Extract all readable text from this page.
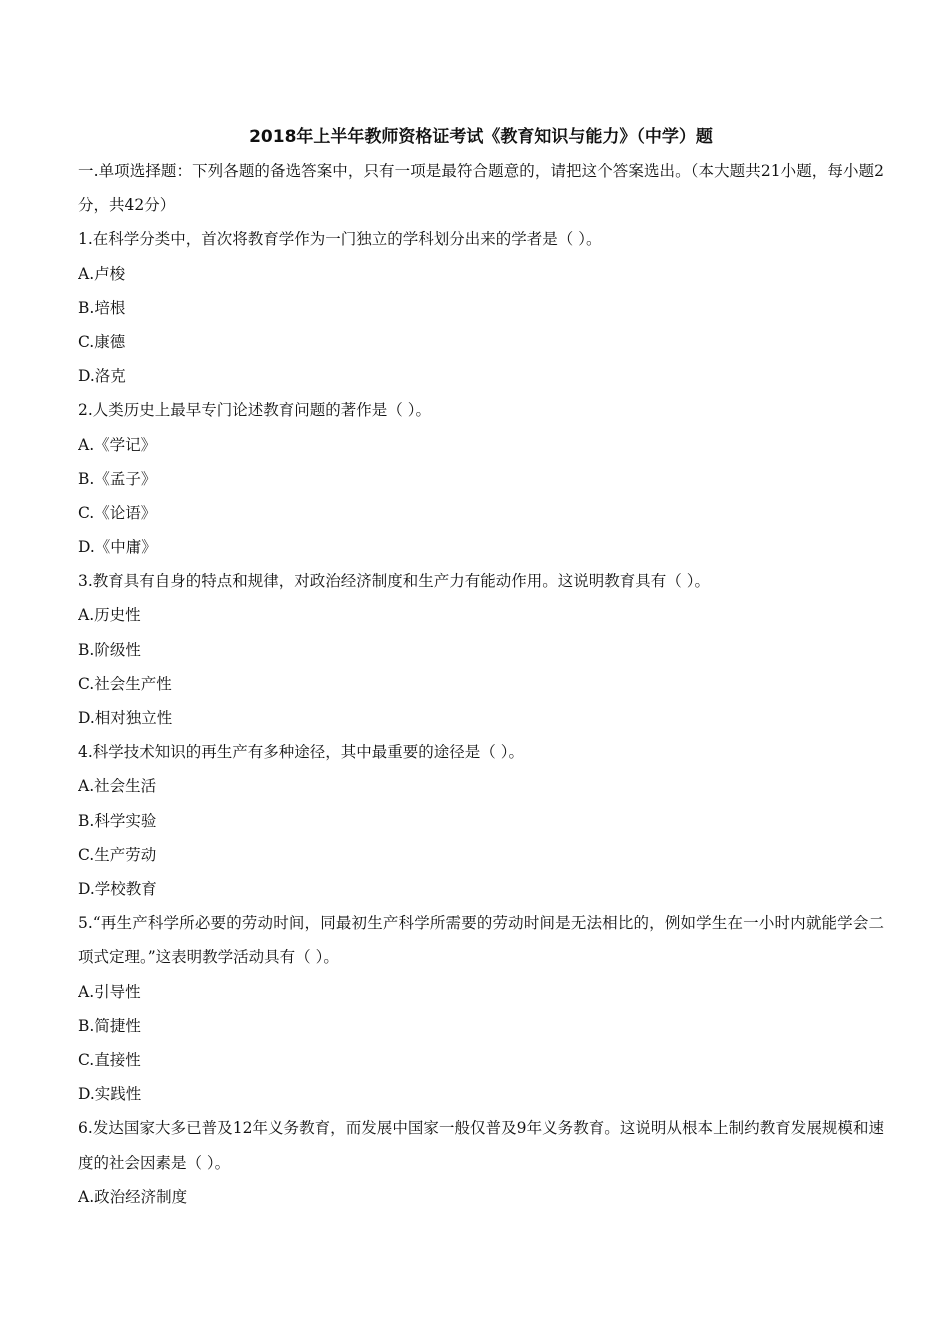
2018年上半年教师资格证考试《教育知识与能力》（中学）题
一.单项选择题：下列各题的备选答案中，只有一项是最符合题意的，请把这个答案选出。（本大题共21小题，每小题2分，共42分）
1.在科学分类中，首次将教育学作为一门独立的学科划分出来的学者是（ ）。
A.卢梭
B.培根
C.康德
D.洛克
2.人类历史上最早专门论述教育问题的著作是（ ）。
A.《学记》
B.《孟子》
C.《论语》
D.《中庸》
3.教育具有自身的特点和规律，对政治经济制度和生产力有能动作用。这说明教育具有（ ）。
A.历史性
B.阶级性
C.社会生产性
D.相对独立性
4.科学技术知识的再生产有多种途径，其中最重要的途径是（ ）。
A.社会生活
B.科学实验
C.生产劳动
D.学校教育
5.“再生产科学所必要的劳动时间，同最初生产科学所需要的劳动时间是无法相比的，例如学生在一小时内就能学会二项式定理。”这表明教学活动具有（ ）。
A.引导性
B.简捷性
C.直接性
D.实践性
6.发达国家大多已普及12年义务教育，而发展中国家一般仅普及9年义务教育。这说明从根本上制约教育发展规模和速度的社会因素是（ ）。
A.政治经济制度
